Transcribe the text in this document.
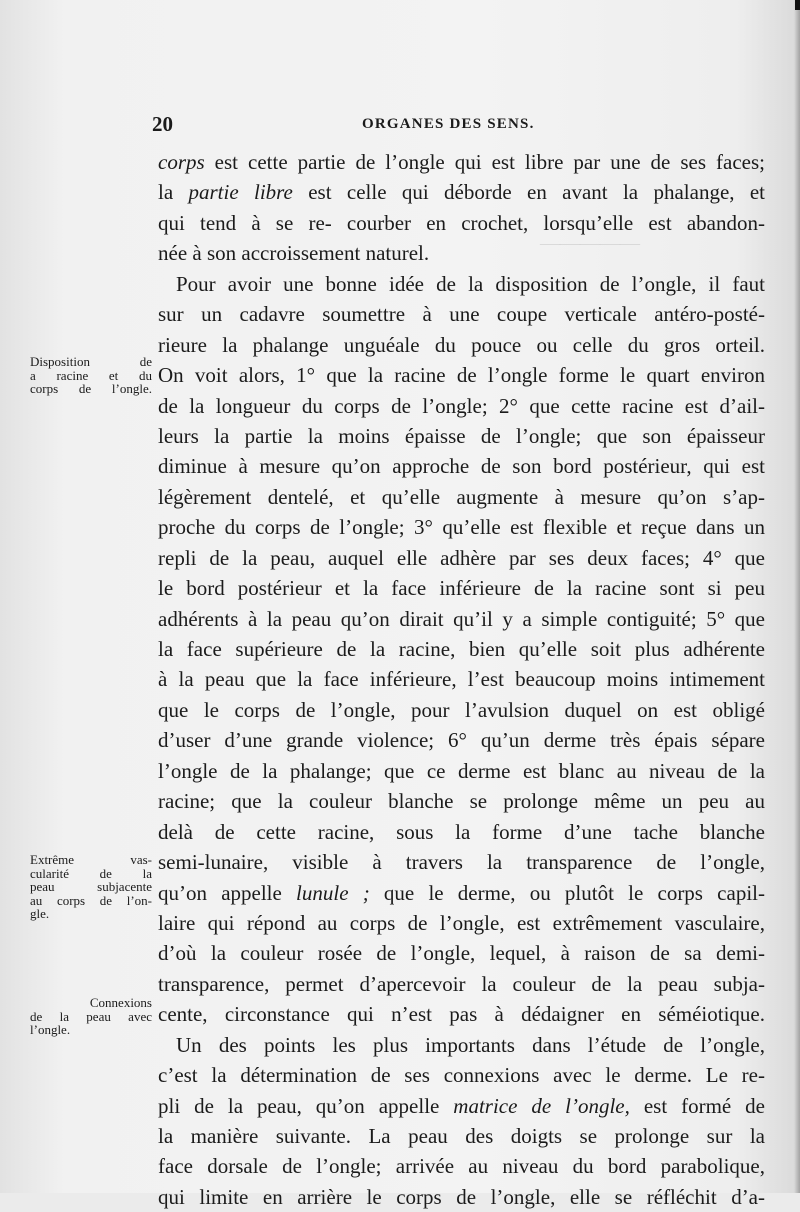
—————
20	ORGANES DES SENS.
Disposition de
a racine et du
corps de l’ongle.
Extrême vas-
cularité de la
peau subjacente
au corps de l’on-
gle.
Connexions
de la peau avec
l’ongle.
corps est cette partie de l’ongle qui est libre par une de ses faces;
la partie libre est celle qui déborde en avant la phalange, et
qui tend à se re- courber en crochet, lorsqu’elle est abandon-
née à son accroissement naturel.
Pour avoir une bonne idée de la disposition de l’ongle, il faut
sur un cadavre soumettre à une coupe verticale antéro-posté-
rieure la phalange unguéale du pouce ou celle du gros orteil.
On voit alors, 1° que la racine de l’ongle forme le quart environ
de la longueur du corps de l’ongle; 2° que cette racine est d’ail-
leurs la partie la moins épaisse de l’ongle; que son épaisseur
diminue à mesure qu’on approche de son bord postérieur, qui est
légèrement dentelé, et qu’elle augmente à mesure qu’on s’ap-
proche du corps de l’ongle; 3° qu’elle est flexible et reçue dans un
repli de la peau, auquel elle adhère par ses deux faces; 4° que
le bord postérieur et la face inférieure de la racine sont si peu
adhérents à la peau qu’on dirait qu’il y a simple contiguité; 5° que
la face supérieure de la racine, bien qu’elle soit plus adhérente
à la peau que la face inférieure, l’est beaucoup moins intimement
que le corps de l’ongle, pour l’avulsion duquel on est obligé
d’user d’une grande violence; 6° qu’un derme très épais sépare
l’ongle de la phalange; que ce derme est blanc au niveau de la
racine; que la couleur blanche se prolonge même un peu au
delà de cette racine, sous la forme d’une tache blanche
semi-lunaire, visible à travers la transparence de l’ongle,
qu’on appelle lunule ; que le derme, ou plutôt le corps capil-
laire qui répond au corps de l’ongle, est extrêmement vasculaire,
d’où la couleur rosée de l’ongle, lequel, à raison de sa demi-
transparence, permet d’apercevoir la couleur de la peau subja-
cente, circonstance qui n’est pas à dédaigner en séméiotique.
Un des points les plus importants dans l’étude de l’ongle,
c’est la détermination de ses connexions avec le derme. Le re-
pli de la peau, qu’on appelle matrice de l’ongle, est formé de
la manière suivante. La peau des doigts se prolonge sur la
face dorsale de l’ongle; arrivée au niveau du bord parabolique,
qui limite en arrière le corps de l’ongle, elle se réfléchit d’a-
